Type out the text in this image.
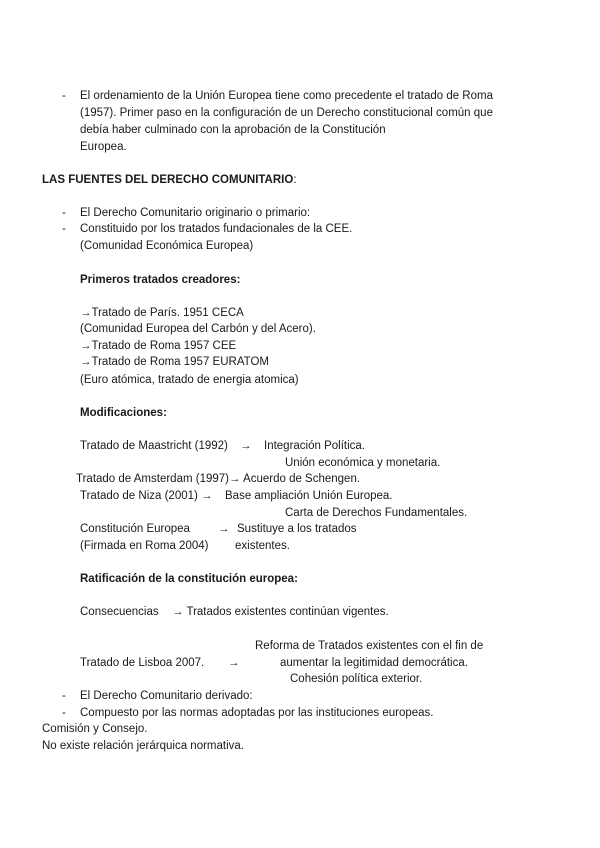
- El ordenamiento de la Unión Europea tiene como precedente el tratado de Roma
(1957). Primer paso en la configuración de un Derecho constitucional común que
debía haber culminado con la aprobación de la Constitución
Europea.
LAS FUENTES DEL DERECHO COMUNITARIO:
- El Derecho Comunitario originario o primario:
- Constituido por los tratados fundacionales de la CEE.
(Comunidad Económica Europea)
Primeros tratados creadores:
→Tratado de París. 1951 CECA
(Comunidad Europea del Carbón y del Acero).
→Tratado de Roma 1957 CEE
→Tratado de Roma 1957 EURATOM
(Euro atómica, tratado de energia atomica)
Modificaciones:
Tratado de Maastricht (1992) → Integración Política.
Unión económica y monetaria.
Tratado de Amsterdam (1997)→ Acuerdo de Schengen.
Tratado de Niza (2001) → Base ampliación Unión Europea.
Carta de Derechos Fundamentales.
Constitución Europea → Sustituye a los tratados
(Firmada en Roma 2004) existentes.
Ratificación de la constitución europea:
Consecuencias → Tratados existentes continúan vigentes.
Reforma de Tratados existentes con el fin de
Tratado de Lisboa 2007. →	aumentar la legitimidad democrática.
Cohesión política exterior.
- El Derecho Comunitario derivado:
- Compuesto por las normas adoptadas por las instituciones europeas.
Comisión y Consejo.
No existe relación jerárquica normativa.
